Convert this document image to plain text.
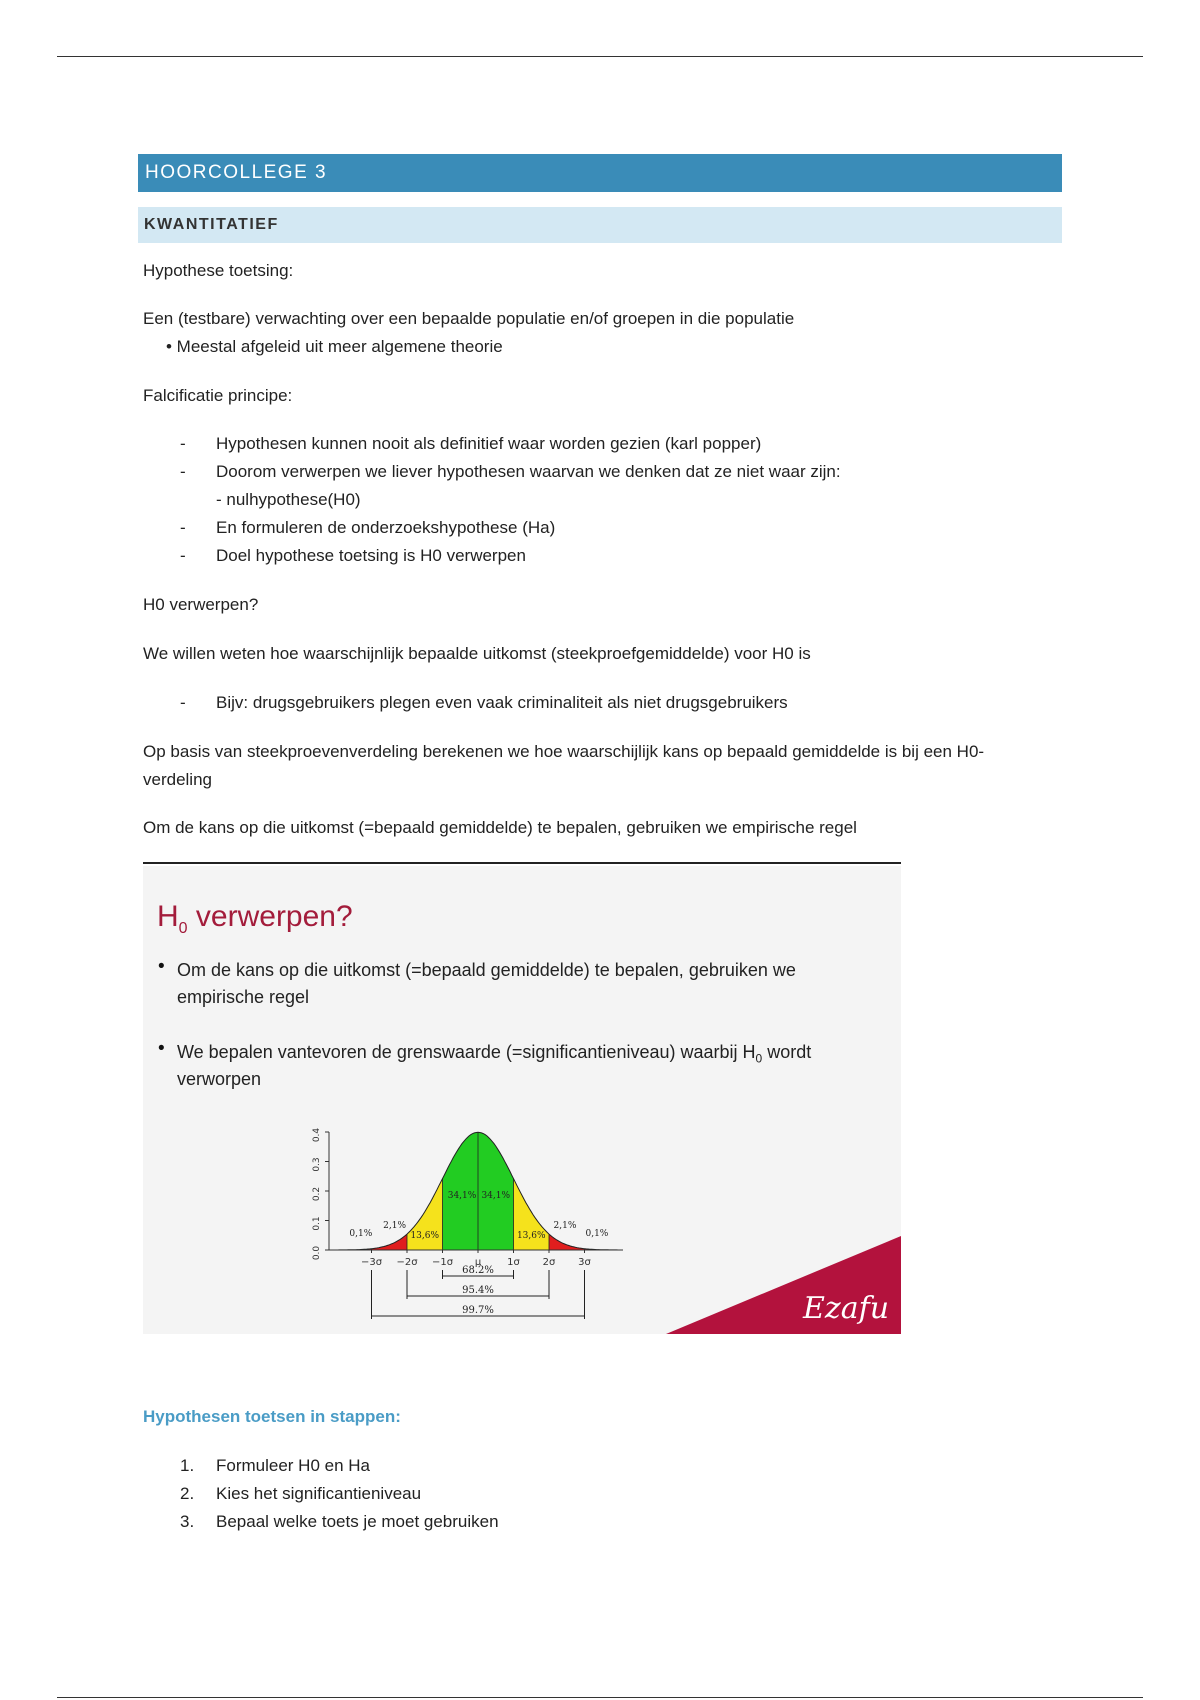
HOORCOLLEGE 3
KWANTITATIEF
Hypothese toetsing:
Een (testbare) verwachting over een bepaalde populatie en/of groepen in die populatie
• Meestal afgeleid uit meer algemene theorie
Falcificatie principe:
- Hypothesen kunnen nooit als definitief waar worden gezien (karl popper)
- Doorom verwerpen we liever hypothesen waarvan we denken dat ze niet waar zijn:
- nulhypothese(H0)
- En formuleren de onderzoekshypothese (Ha)
- Doel hypothese toetsing is H0 verwerpen
H0 verwerpen?
We willen weten hoe waarschijnlijk bepaalde uitkomst (steekproefgemiddelde) voor H0 is
- Bijv: drugsgebruikers plegen even vaak criminaliteit als niet drugsgebruikers
Op basis van steekproevenverdeling berekenen we hoe waarschijlijk kans op bepaald gemiddelde is bij een H0-
verdeling
Om de kans op die uitkomst (=bepaald gemiddelde) te bepalen, gebruiken we empirische regel
$H_0$ verwerpen?
• Om de kans op die uitkomst (=bepaald gemiddelde) te bepalen, gebruiken we
empirische regel
• We bepalen vantevoren de grenswaarde (=significantieniveau) waarbij $H_0$ wordt
verworpen
0.0
0.1
0.2
0.3
0.4
−3σ −2σ −1σ μ	1σ 2σ 3σ
0,1%
2,1%
13,6%
34,1% 34,1%
13,6%
2,1%
0,1%
68.2%
95.4%
99.7%	Ezafu
Hypothesen toetsen in stappen:
1. Formuleer H0 en Ha
2. Kies het significantieniveau
3. Bepaal welke toets je moet gebruiken
